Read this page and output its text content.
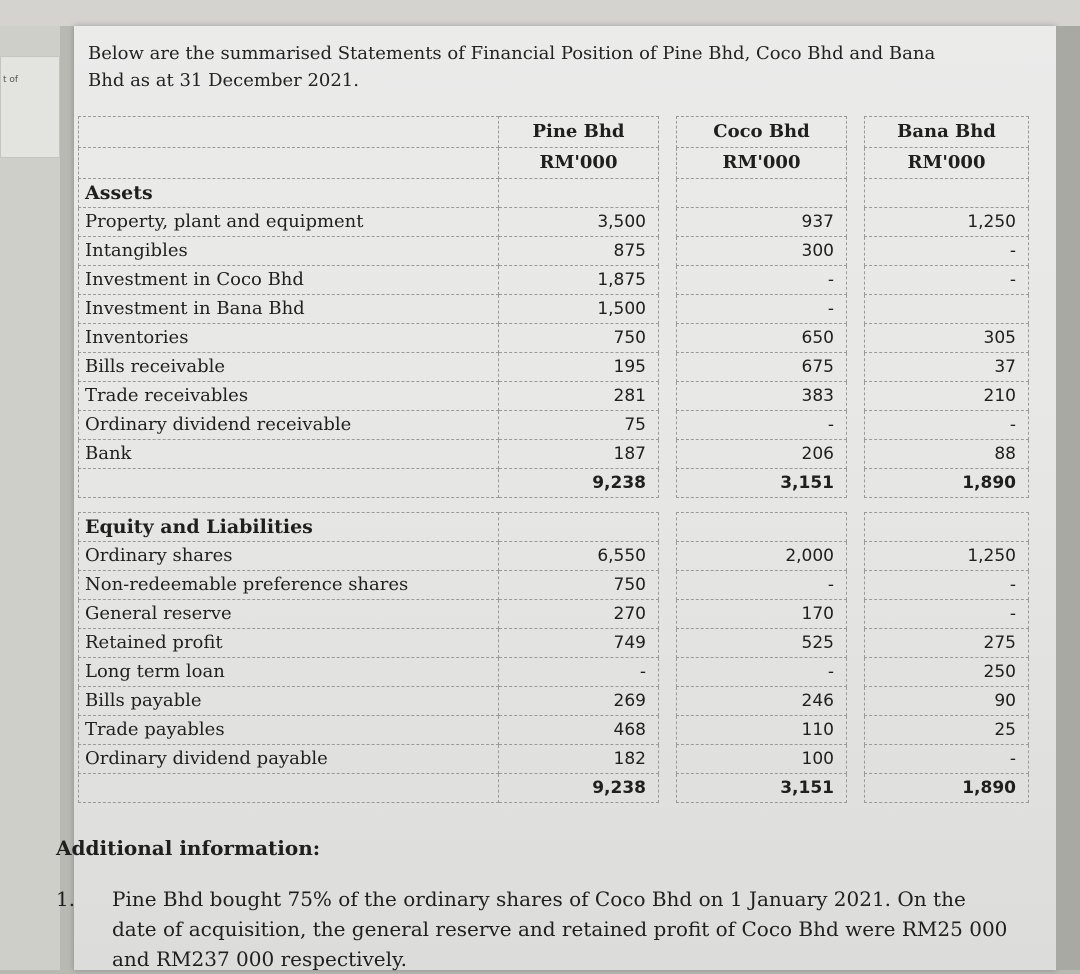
t of
Below are the summarised Statements of Financial Position of Pine Bhd, Coco Bhd and Bana
Bhd as at 31 December 2021.
	Pine Bhd		Coco Bhd		Bana Bhd
	RM'000		RM'000		RM'000
Assets					
Property, plant and equipment	3,500		937		1,250
Intangibles	875		300		-
Investment in Coco Bhd	1,875		-		-
Investment in Bana Bhd	1,500		-		
Inventories	750		650		305
Bills receivable	195		675		37
Trade receivables	281		383		210
Ordinary dividend receivable	75		-		-
Bank	187		206		88
	9,238		3,151		1,890

Equity and Liabilities					
Ordinary shares	6,550		2,000		1,250
Non-redeemable preference shares	750		-		-
General reserve	270		170		-
Retained profit	749		525		275
Long term loan	-		-		250
Bills payable	269		246		90
Trade payables	468		110		25
Ordinary dividend payable	182		100		-
	9,238		3,151		1,890
Additional information:
1. Pine Bhd bought 75% of the ordinary shares of Coco Bhd on 1 January 2021. On the
date of acquisition, the general reserve and retained profit of Coco Bhd were RM25 000
and RM237 000 respectively.
